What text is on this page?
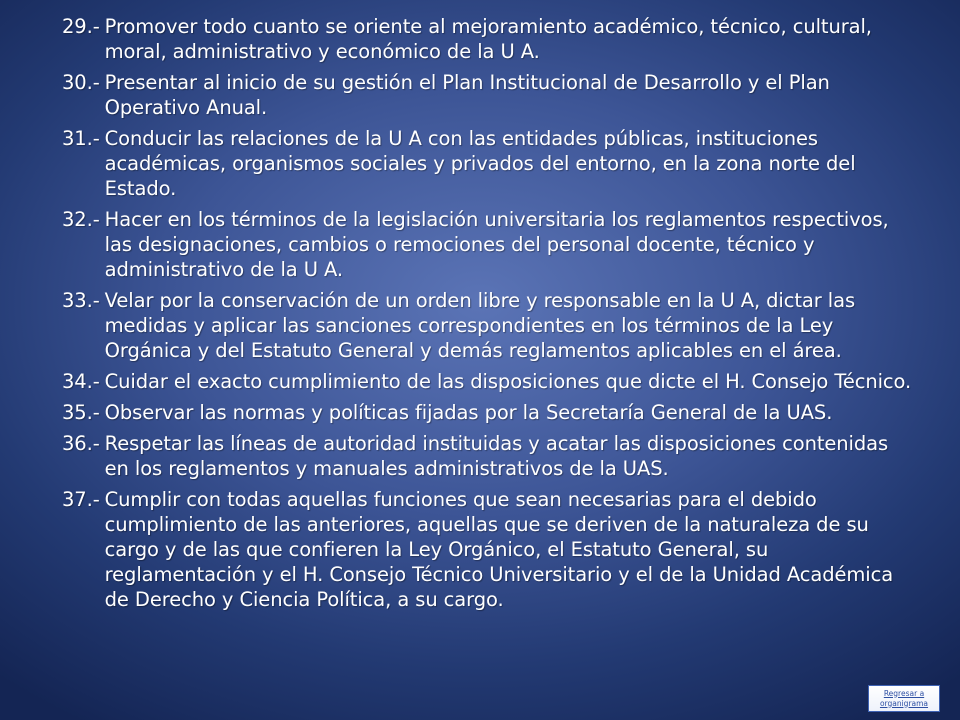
29.- Promover todo cuanto se oriente al mejoramiento académico, técnico, cultural, moral, administrativo y económico de la U A.
30.- Presentar al inicio de su gestión el Plan Institucional de Desarrollo y el Plan Operativo Anual.
31.- Conducir las relaciones de la U A con las entidades públicas, instituciones académicas, organismos sociales y privados del entorno, en la zona norte del Estado.
32.- Hacer en los términos de la legislación universitaria los reglamentos respectivos, las designaciones, cambios o remociones del personal docente, técnico y administrativo de la U A.
33.- Velar por la conservación de un orden libre y responsable en la U A, dictar las medidas y aplicar las sanciones correspondientes en los términos de la Ley Orgánica y del Estatuto General y demás reglamentos aplicables en el área.
34.- Cuidar el exacto cumplimiento de las disposiciones que dicte el H. Consejo Técnico.
35.- Observar las normas y políticas fijadas por la Secretaría General de la UAS.
36.- Respetar las líneas de autoridad instituidas y acatar las disposiciones contenidas en los reglamentos y manuales administrativos de la UAS.
37.- Cumplir con todas aquellas funciones que sean necesarias para el debido cumplimiento de las anteriores, aquellas que se deriven de la naturaleza de su cargo y de las que confieren la Ley Orgánico, el Estatuto General, su reglamentación y el H. Consejo Técnico Universitario y el de la Unidad Académica de Derecho y Ciencia Política, a su cargo.
Regresar a organigrama
